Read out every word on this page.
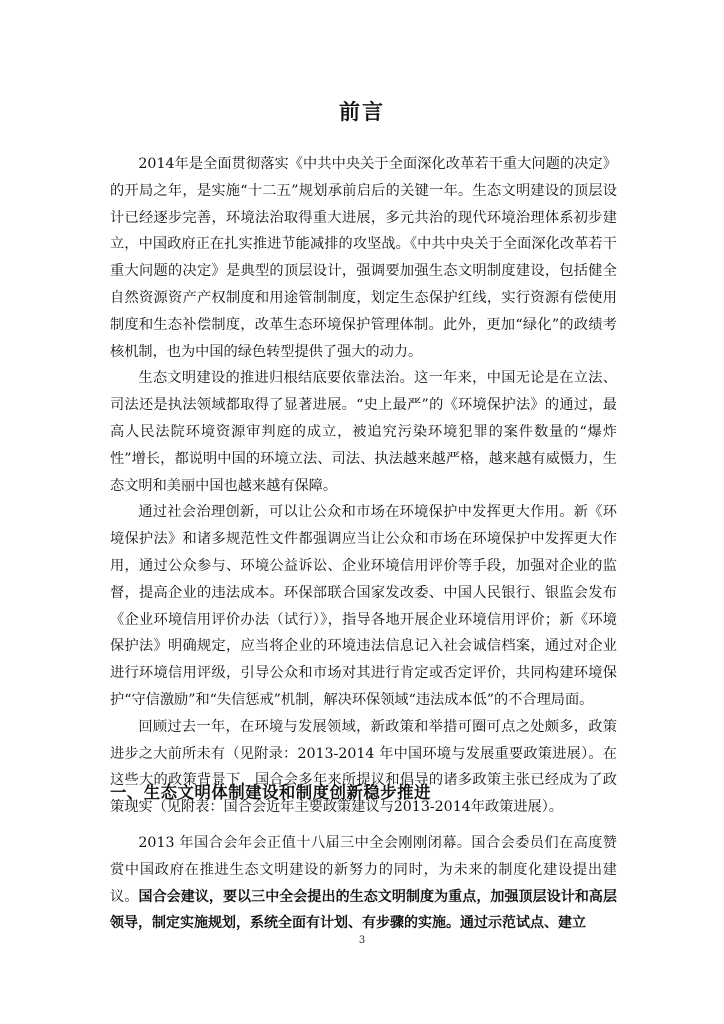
前言

2014年是全面贯彻落实《中共中央关于全面深化改革若干重大问题的决定》的开局之年，是实施“十二五”规划承前启后的关键一年。生态文明建设的顶层设计已经逐步完善，环境法治取得重大进展，多元共治的现代环境治理体系初步建立，中国政府正在扎实推进节能减排的攻坚战。《中共中央关于全面深化改革若干重大问题的决定》是典型的顶层设计，强调要加强生态文明制度建设，包括健全自然资源资产产权制度和用途管制制度，划定生态保护红线，实行资源有偿使用制度和生态补偿制度，改革生态环境保护管理体制。此外，更加“绿化”的政绩考核机制，也为中国的绿色转型提供了强大的动力。

生态文明建设的推进归根结底要依靠法治。这一年来，中国无论是在立法、司法还是执法领域都取得了显著进展。“史上最严”的《环境保护法》的通过，最高人民法院环境资源审判庭的成立，被追究污染环境犯罪的案件数量的“爆炸性”增长，都说明中国的环境立法、司法、执法越来越严格，越来越有威慑力，生态文明和美丽中国也越来越有保障。

通过社会治理创新，可以让公众和市场在环境保护中发挥更大作用。新《环境保护法》和诸多规范性文件都强调应当让公众和市场在环境保护中发挥更大作用，通过公众参与、环境公益诉讼、企业环境信用评价等手段，加强对企业的监督，提高企业的违法成本。环保部联合国家发改委、中国人民银行、银监会发布《企业环境信用评价办法（试行）》，指导各地开展企业环境信用评价；新《环境保护法》明确规定，应当将企业的环境违法信息记入社会诚信档案，通过对企业进行环境信用评级，引导公众和市场对其进行肯定或否定评价，共同构建环境保护“守信激励”和“失信惩戒”机制，解决环保领域“违法成本低”的不合理局面。

回顾过去一年，在环境与发展领域，新政策和举措可圈可点之处颇多，政策进步之大前所未有（见附录：2013-2014 年中国环境与发展重要政策进展）。在这些大的政策背景下，国合会多年来所提议和倡导的诸多政策主张已经成为了政策现实（见附表：国合会近年主要政策建议与2013-2014年政策进展）。

一、生态文明体制建设和制度创新稳步推进

2013 年国合会年会正值十八届三中全会刚刚闭幕。国合会委员们在高度赞赏中国政府在推进生态文明建设的新努力的同时，为未来的制度化建设提出建议。国合会建议，要以三中全会提出的生态文明制度为重点，加强顶层设计和高层领导，制定实施规划，系统全面有计划、有步骤的实施。通过示范试点、建立

3
